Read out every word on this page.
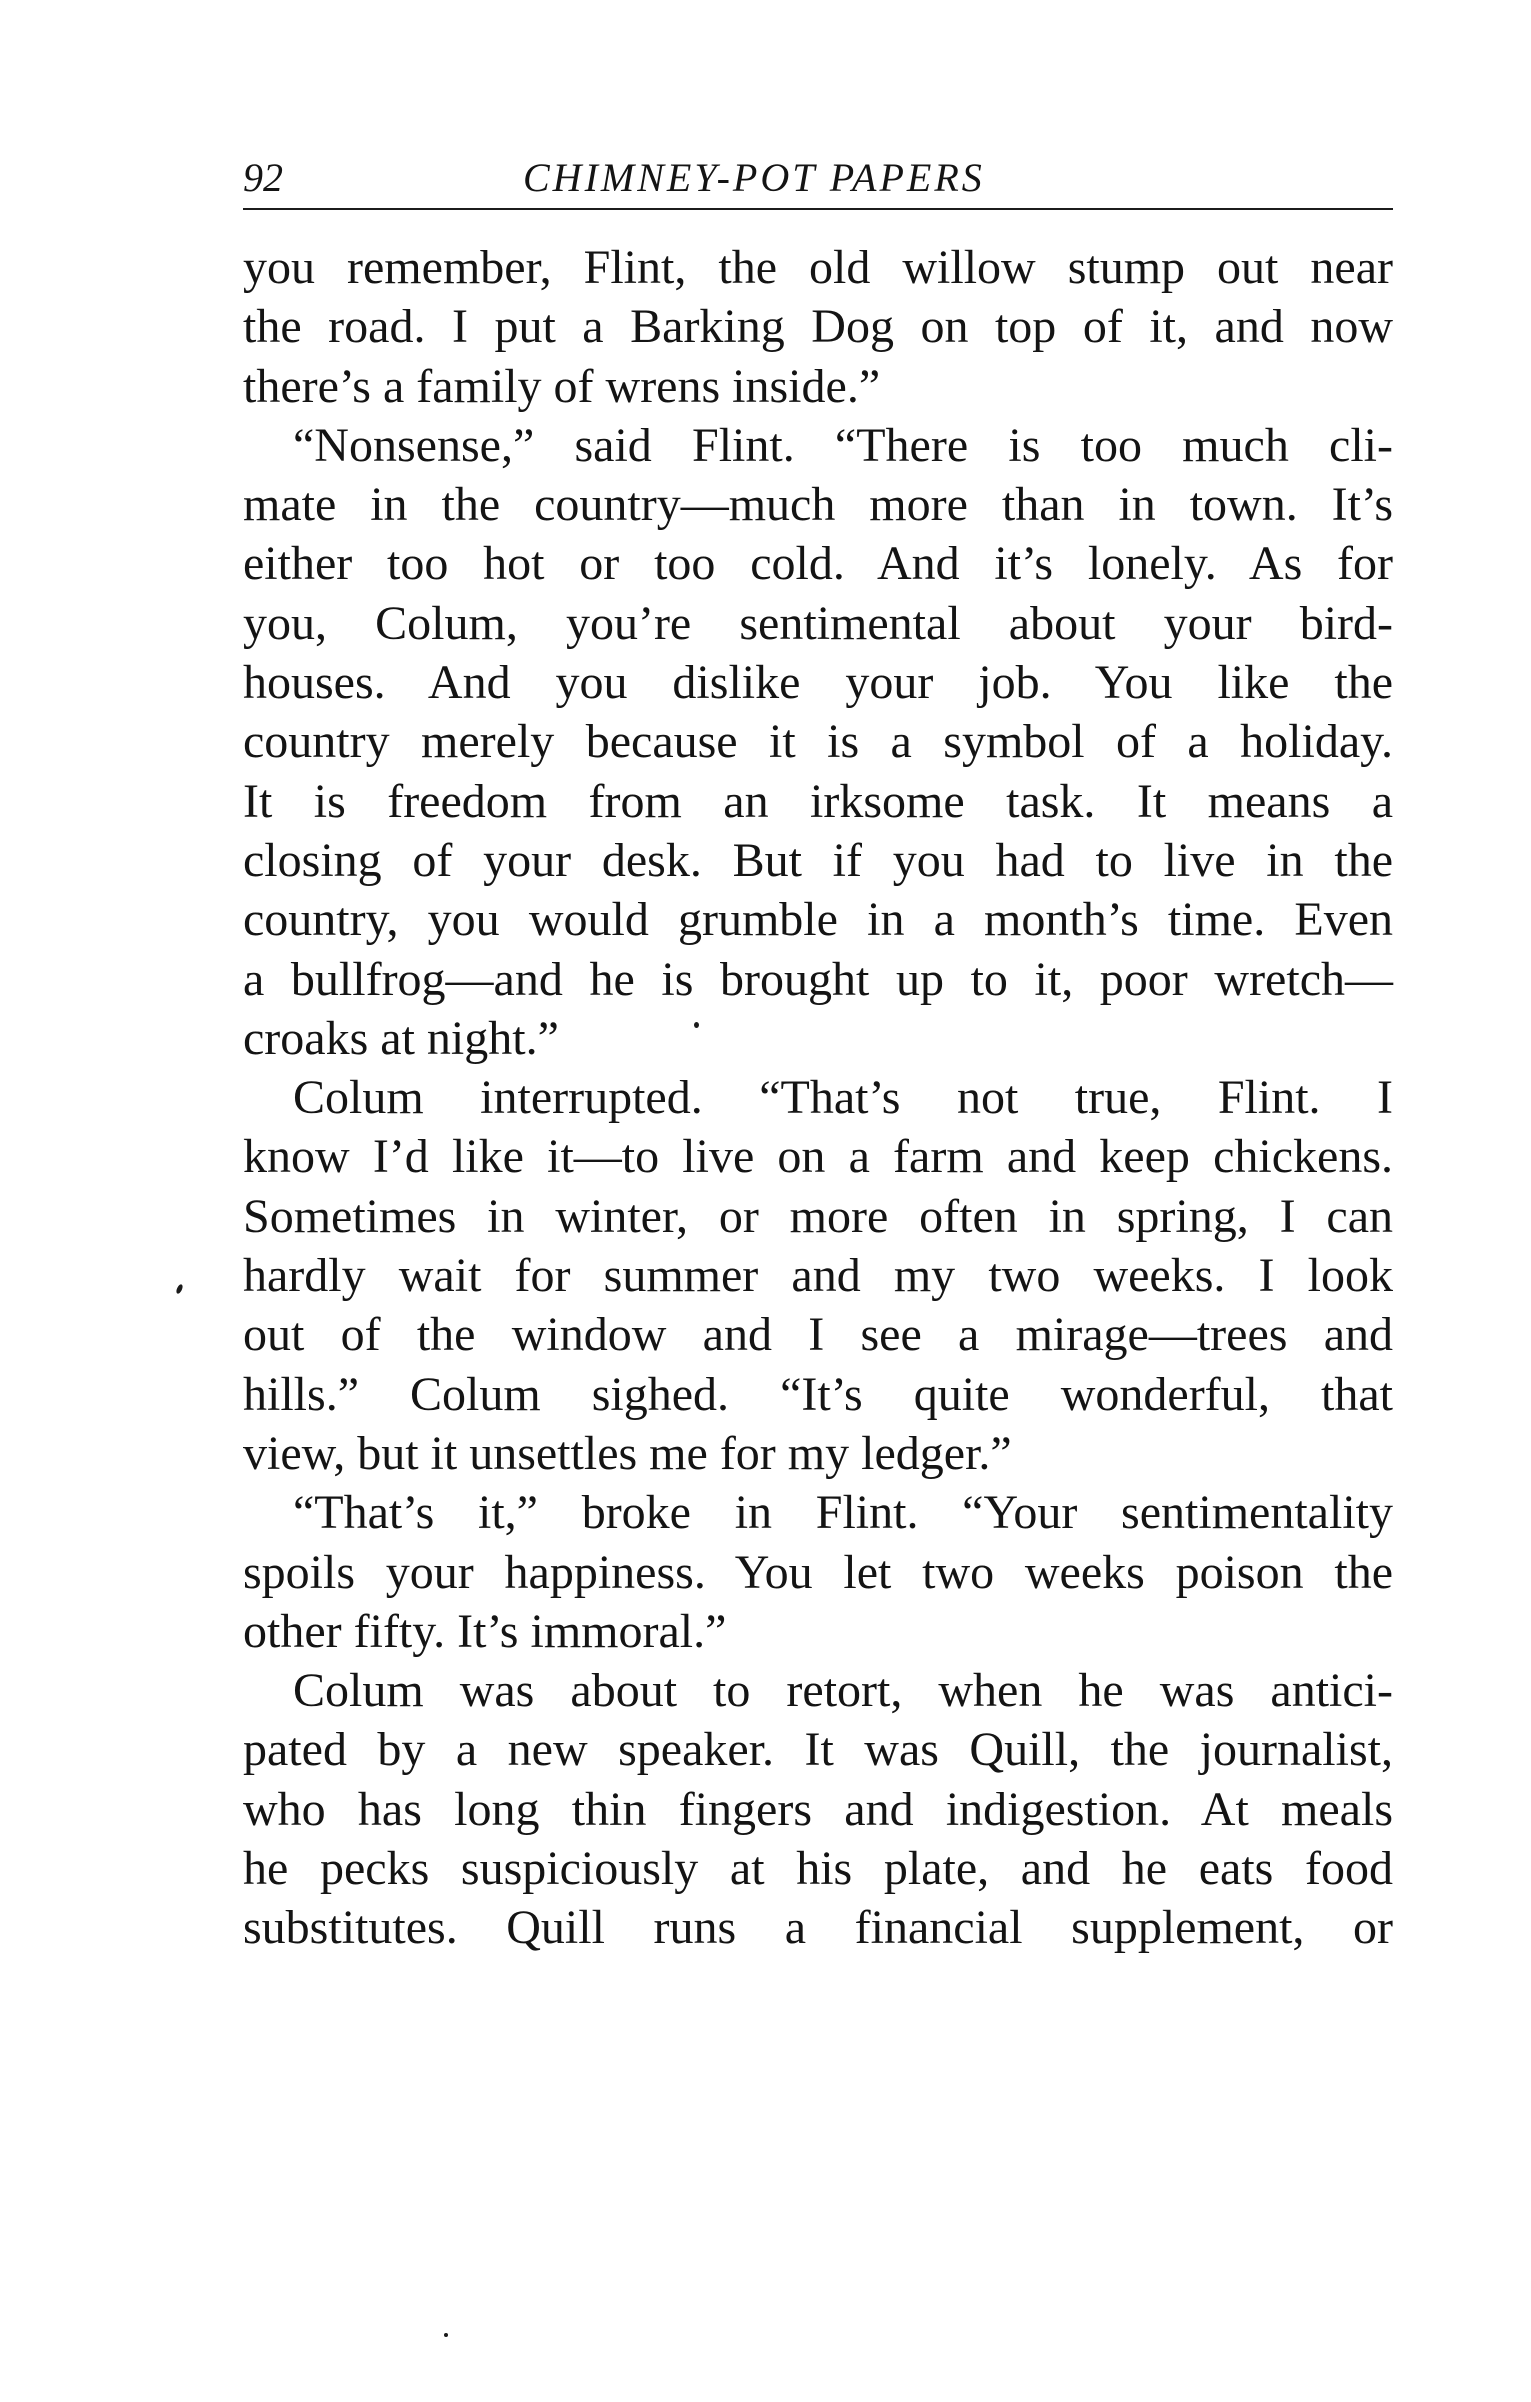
92	CHIMNEY-POT PAPERS
you remember, Flint, the old willow stump out near
the road. I put a Barking Dog on top of it, and now
there’s a family of wrens inside.”
“Nonsense,” said Flint. “There is too much cli-
mate in the country—much more than in town. It’s
either too hot or too cold. And it’s lonely. As for
you, Colum, you’re sentimental about your bird-
houses. And you dislike your job. You like the
country merely because it is a symbol of a holiday.
It is freedom from an irksome task. It means a
closing of your desk. But if you had to live in the
country, you would grumble in a month’s time. Even
a bullfrog—and he is brought up to it, poor wretch—
croaks at night.”
Colum interrupted. “That’s not true, Flint. I
know I’d like it—to live on a farm and keep chickens.
Sometimes in winter, or more often in spring, I can
hardly wait for summer and my two weeks. I look
out of the window and I see a mirage—trees and
hills.” Colum sighed. “It’s quite wonderful, that
view, but it unsettles me for my ledger.”
“That’s it,” broke in Flint. “Your sentimentality
spoils your happiness. You let two weeks poison the
other fifty. It’s immoral.”
Colum was about to retort, when he was antici-
pated by a new speaker. It was Quill, the journalist,
who has long thin fingers and indigestion. At meals
he pecks suspiciously at his plate, and he eats food
substitutes. Quill runs a financial supplement, or
